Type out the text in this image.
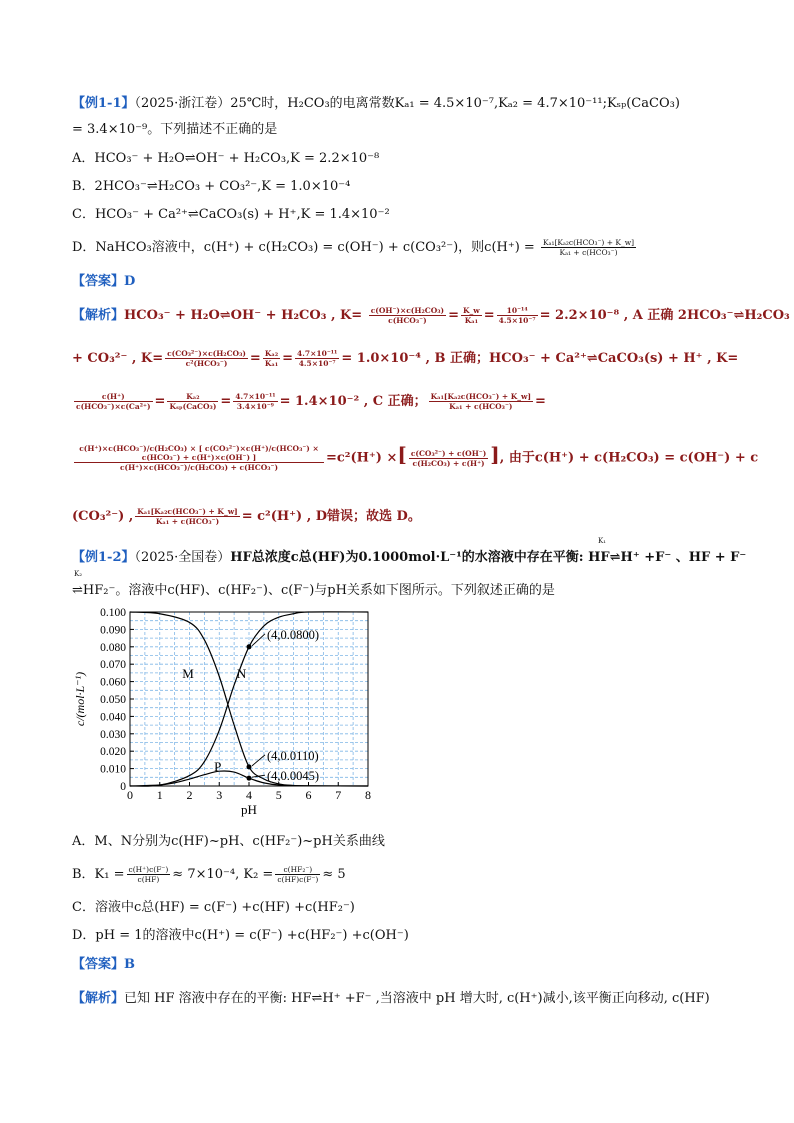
【例1-1】（2025·浙江卷）25℃时，H₂CO₃的电离常数Kₐ₁ = 4.5×10⁻⁷,Kₐ₂ = 4.7×10⁻¹¹;Kₛₚ(CaCO₃)
= 3.4×10⁻⁹。下列描述不正确的是
A．HCO₃⁻ + H₂O⇌OH⁻ + H₂CO₃,K = 2.2×10⁻⁸
B．2HCO₃⁻⇌H₂CO₃ + CO₃²⁻,K = 1.0×10⁻⁴
C．HCO₃⁻ + Ca²⁺⇌CaCO₃(s) + H⁺,K = 1.4×10⁻²
D．NaHCO₃溶液中，c(H⁺) + c(H₂CO₃) = c(OH⁻) + c(CO₃²⁻)，则$c(H^+) = \frac{\text{Kₐ₁[Kₐ₂c(HCO₃⁻) + K\_w]}}{\text{Kₐ₁ + c(HCO₃⁻)}}$
【答案】D
【解析】HCO₃⁻ + H₂O⇌OH⁻ + H₂CO₃ , $K= \frac{\text{c(OH⁻)×c(H₂CO₃)}}{\text{c(HCO₃⁻)}} = \frac{K\_w}{\text{Kₐ₁}} = \frac{\text{10⁻¹⁴}}{\text{4.5×10⁻⁷}} = 2.2\times 10^{-8}$ , A 正确 2HCO₃⁻⇌H₂CO₃
+ CO₃²⁻ , $K= \frac{\text{c(CO₃²⁻)×c(H₂CO₃)}}{\text{c²(HCO₃⁻)}} = \frac{\text{Kₐ₂}}{\text{Kₐ₁}} = \frac{\text{4.7×10⁻¹¹}}{\text{4.5×10⁻⁷}} = 1.0\times 10^{-4}$ , B 正确；HCO₃⁻ + Ca²⁺⇌CaCO₃(s) + H⁺ , K=
$\frac{c(H^+)}{\text{c(HCO₃⁻)×c(Ca²⁺)}} = \frac{\text{Kₐ₂}}{\text{Kₛₚ(CaCO₃)}} = \frac{\text{4.7×10⁻¹¹}}{\text{3.4×10⁻⁹}} = 1.4\times 10^{-2}$ , C 正确； $\frac{\text{Kₐ₁[Kₐ₂c(HCO₃⁻) + K\_w]}}{\text{Kₐ₁ + c(HCO₃⁻)}}$ =
c(H⁺)×c(HCO₃⁻)/c(H₂CO₃) × [ c(CO₃²⁻)×c(H⁺)/c(HCO₃⁻) × c(HCO₃⁻) + c(H⁺)×c(OH⁻) ]
c(H⁺)×c(HCO₃⁻)/c(H₂CO₃) + c(HCO₃⁻)
=c²(H⁺) ×[ $\frac{\text{c(CO₃²⁻) + c(OH⁻)}}{\text{c(H₂CO₃) + c(H⁺)}}$ ], 由于c(H⁺) + c(H₂CO₃) = c(OH⁻) + c
(CO₃²⁻) , $\frac{\text{Kₐ₁[Kₐ₂c(HCO₃⁻) + K\_w]}}{\text{Kₐ₁ + c(HCO₃⁻)}} = c^2(H^+)$ , D错误；故选 D。
【例1-2】（2025·全国卷）HF总浓度c总(HF)为0.1000mol·L⁻¹的水溶液中存在平衡: HF⇌H⁺ +F⁻ 、HF + F⁻
K₁
K₂
⇌HF₂⁻。溶液中c(HF)、c(HF₂⁻)、c(F⁻)与pH关系如下图所示。下列叙述正确的是
0 1 2 3 4 5 6 7 8
0
0.010
0.020
0.030
0.040
0.050
0.060
0.070
0.080
0.090
0.100
pH
c/(mol·L⁻¹)	M	N
P
(4,0.0800)
(4,0.0110)
(4,0.0045)
A．M、N分别为c(HF)~pH、c(HF₂⁻)~pH关系曲线
B．$K_1 = \frac{c(H^+)c(F^-)}{c(HF)} \approx 7\times 10^{-4}$, $K_2 = \frac{\text{c(HF₂⁻)}}{c(HF)c(F^-)} \approx 5$
C．溶液中c总(HF) = c(F⁻) +c(HF) +c(HF₂⁻)
D．pH = 1的溶液中c(H⁺) = c(F⁻) +c(HF₂⁻) +c(OH⁻)
【答案】B
【解析】已知 HF 溶液中存在的平衡: HF⇌H⁺ +F⁻ ,当溶液中 pH 增大时, c(H⁺)减小,该平衡正向移动, c(HF)
